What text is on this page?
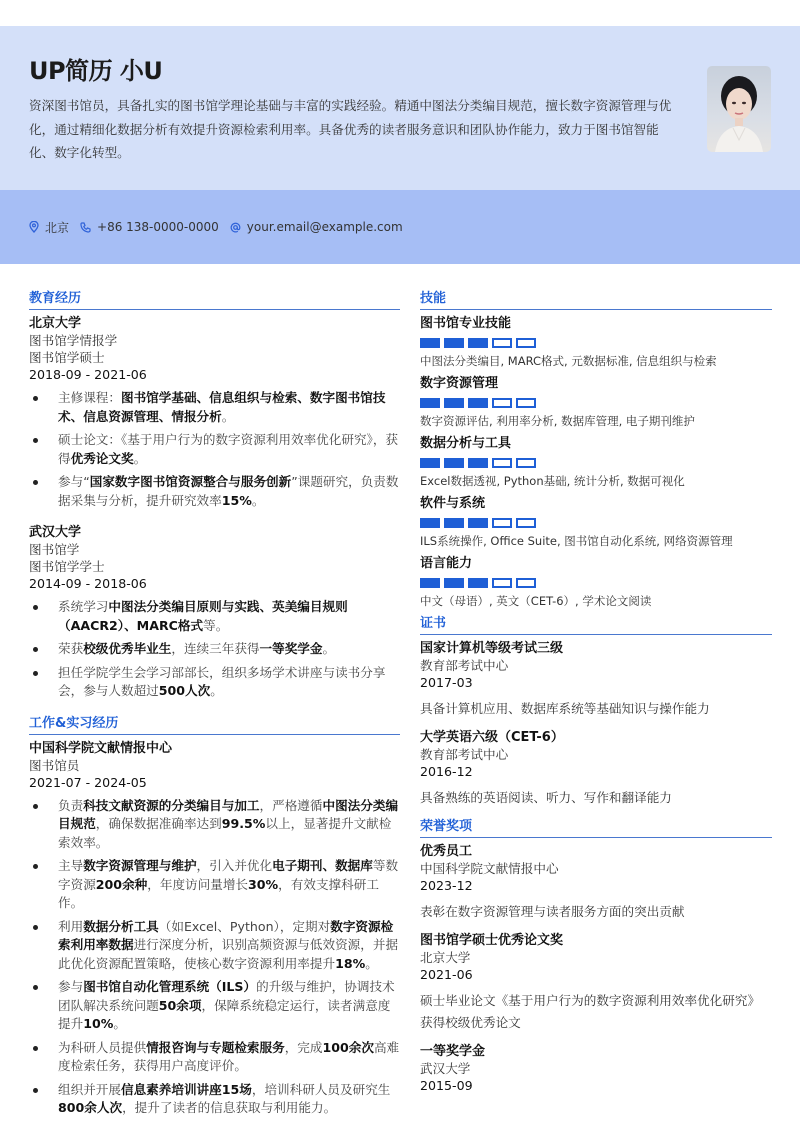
UP简历 小U

资深图书馆员，具备扎实的图书馆学理论基础与丰富的实践经验。精通中图法分类编目规范，擅长数字资源管理与优化，通过精细化数据分析有效提升资源检索利用率。具备优秀的读者服务意识和团队协作能力，致力于图书馆智能化、数字化转型。

北京 +86 138-0000-0000 your.email@example.com
教育经历
北京大学
图书馆学情报学
图书馆学硕士
2018-09 - 2021-06
主修课程：图书馆学基础、信息组织与检索、数字图书馆技术、信息资源管理、情报分析。
硕士论文：《基于用户行为的数字资源利用效率优化研究》，获得优秀论文奖。
参与“国家数字图书馆资源整合与服务创新”课题研究，负责数据采集与分析，提升研究效率15%。
武汉大学
图书馆学
图书馆学学士
2014-09 - 2018-06
系统学习中图法分类编目原则与实践、英美编目规则（AACR2）、MARC格式等。
荣获校级优秀毕业生，连续三年获得一等奖学金。
担任学院学生会学习部部长，组织多场学术讲座与读书分享会，参与人数超过500人次。
工作&实习经历
中国科学院文献情报中心
图书馆员
2021-07 - 2024-05
负责科技文献资源的分类编目与加工，严格遵循中图法分类编目规范，确保数据准确率达到99.5%以上，显著提升文献检索效率。
主导数字资源管理与维护，引入并优化电子期刊、数据库等数字资源200余种，年度访问量增长30%，有效支撑科研工作。
利用数据分析工具（如Excel、Python），定期对数字资源检索利用率数据进行深度分析，识别高频资源与低效资源，并据此优化资源配置策略，使核心数字资源利用率提升18%。
参与图书馆自动化管理系统（ILS）的升级与维护，协调技术团队解决系统问题50余项，保障系统稳定运行，读者满意度提升10%。
为科研人员提供情报咨询与专题检索服务，完成100余次高难度检索任务，获得用户高度评价。
组织并开展信息素养培训讲座15场，培训科研人员及研究生800余人次，提升了读者的信息获取与利用能力。
技能
图书馆专业技能
中图法分类编目, MARC格式, 元数据标准, 信息组织与检索
数字资源管理
数字资源评估, 利用率分析, 数据库管理, 电子期刊维护
数据分析与工具
Excel数据透视, Python基础, 统计分析, 数据可视化
软件与系统
ILS系统操作, Office Suite, 图书馆自动化系统, 网络资源管理
语言能力
中文（母语）, 英文（CET-6）, 学术论文阅读
证书
国家计算机等级考试三级
教育部考试中心
2017-03
具备计算机应用、数据库系统等基础知识与操作能力
大学英语六级（CET-6）
教育部考试中心
2016-12
具备熟练的英语阅读、听力、写作和翻译能力
荣誉奖项
优秀员工
中国科学院文献情报中心
2023-12
表彰在数字资源管理与读者服务方面的突出贡献
图书馆学硕士优秀论文奖
北京大学
2021-06
硕士毕业论文《基于用户行为的数字资源利用效率优化研究》获得校级优秀论文
一等奖学金
武汉大学
2015-09
